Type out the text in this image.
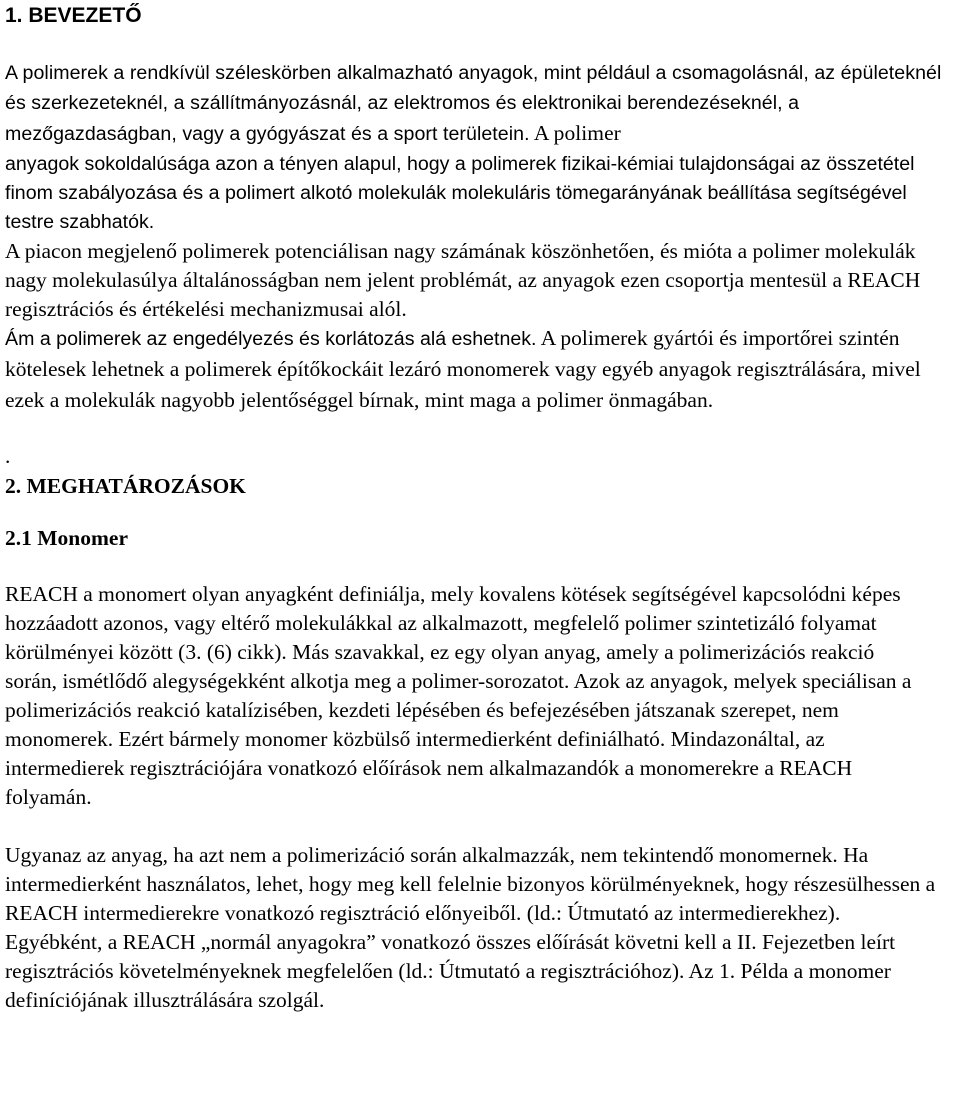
1. BEVEZETŐ

A polimerek a rendkívül széleskörben alkalmazható anyagok, mint például a csomagolásnál, az épületeknél és szerkezeteknél, a szállítmányozásnál, az elektromos és elektronikai berendezéseknél, a mezőgazdaságban, vagy a gyógyászat és a sport területein. A polimer

anyagok sokoldalúsága azon a tényen alapul, hogy a polimerek fizikai-kémiai tulajdonságai az összetétel finom szabályozása és a polimert alkotó molekulák molekuláris tömegarányának beállítása segítségével testre szabhatók.

A piacon megjelenő polimerek potenciálisan nagy számának köszönhetően, és mióta a polimer molekulák nagy molekulasúlya általánosságban nem jelent problémát, az anyagok ezen csoportja mentesül a REACH regisztrációs és értékelési mechanizmusai alól.

Ám a polimerek az engedélyezés és korlátozás alá eshetnek. A polimerek gyártói és importőrei szintén kötelesek lehetnek a polimerek építőkockáit lezáró monomerek vagy egyéb anyagok regisztrálására, mivel ezek a molekulák nagyobb jelentőséggel bírnak, mint maga a polimer önmagában.

.

2. MEGHATÁROZÁSOK

2.1 Monomer

REACH a monomert olyan anyagként definiálja, mely kovalens kötések segítségével kapcsolódni képes hozzáadott azonos, vagy eltérő molekulákkal az alkalmazott, megfelelő polimer szintetizáló folyamat körülményei között (3. (6) cikk). Más szavakkal, ez egy olyan anyag, amely a polimerizációs reakció során, ismétlődő alegységekként alkotja meg a polimer-sorozatot. Azok az anyagok, melyek speciálisan a polimerizációs reakció katalízisében, kezdeti lépésében és befejezésében játszanak szerepet, nem monomerek. Ezért bármely monomer közbülső intermedierként definiálható. Mindazonáltal, az intermedierek regisztrációjára vonatkozó előírások nem alkalmazandók a monomerekre a REACH folyamán.

Ugyanaz az anyag, ha azt nem a polimerizáció során alkalmazzák, nem tekintendő monomernek. Ha intermedierként használatos, lehet, hogy meg kell felelnie bizonyos körülményeknek, hogy részesülhessen a REACH intermedierekre vonatkozó regisztráció előnyeiből. (ld.: Útmutató az intermedierekhez). Egyébként, a REACH „normál anyagokra” vonatkozó összes előírását követni kell a II. Fejezetben leírt regisztrációs követelményeknek megfelelően (ld.: Útmutató a regisztrációhoz). Az 1. Példa a monomer definíciójának illusztrálására szolgál.
